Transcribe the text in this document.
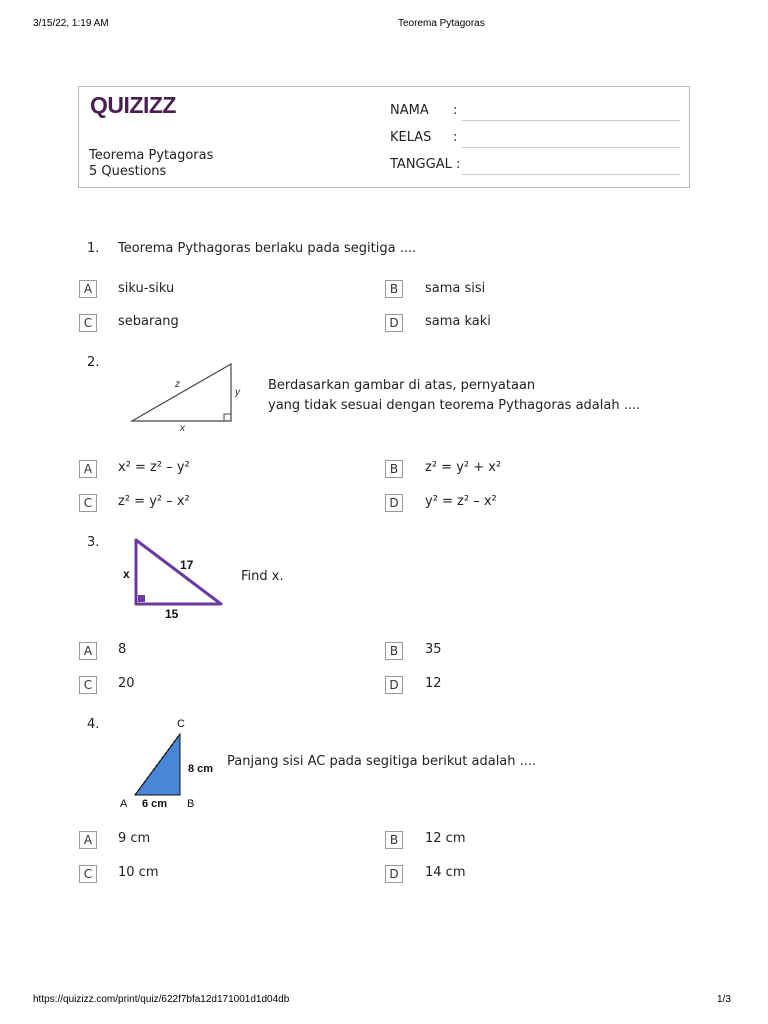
3/15/22, 1:19 AM	Teorema Pytagoras
QUIZIZZ
Teorema Pytagoras
5 Questions
NAMA :
KELAS :
TANGGAL :
1. Teorema Pythagoras berlaku pada segitiga ....
A	siku-siku	B	sama sisi
C	sebarang	D	sama kaki
2.
z
y
x
Berdasarkan gambar di atas, pernyataan
yang tidak sesuai dengan teorema Pythagoras adalah ....
A	x² = z² – y²	B	z² = y² + x²
C	z² = y² – x²	D	y² = z² – x²
3.
17
x
15
Find x.
A	8	B	35
C	20	D	12
4.	C
8 cm
A 6 cm B
Panjang sisi AC pada segitiga berikut adalah ....
A	9 cm	B	12 cm
C	10 cm	D	14 cm
https://quizizz.com/print/quiz/622f7bfa12d171001d1d04db	1/3
